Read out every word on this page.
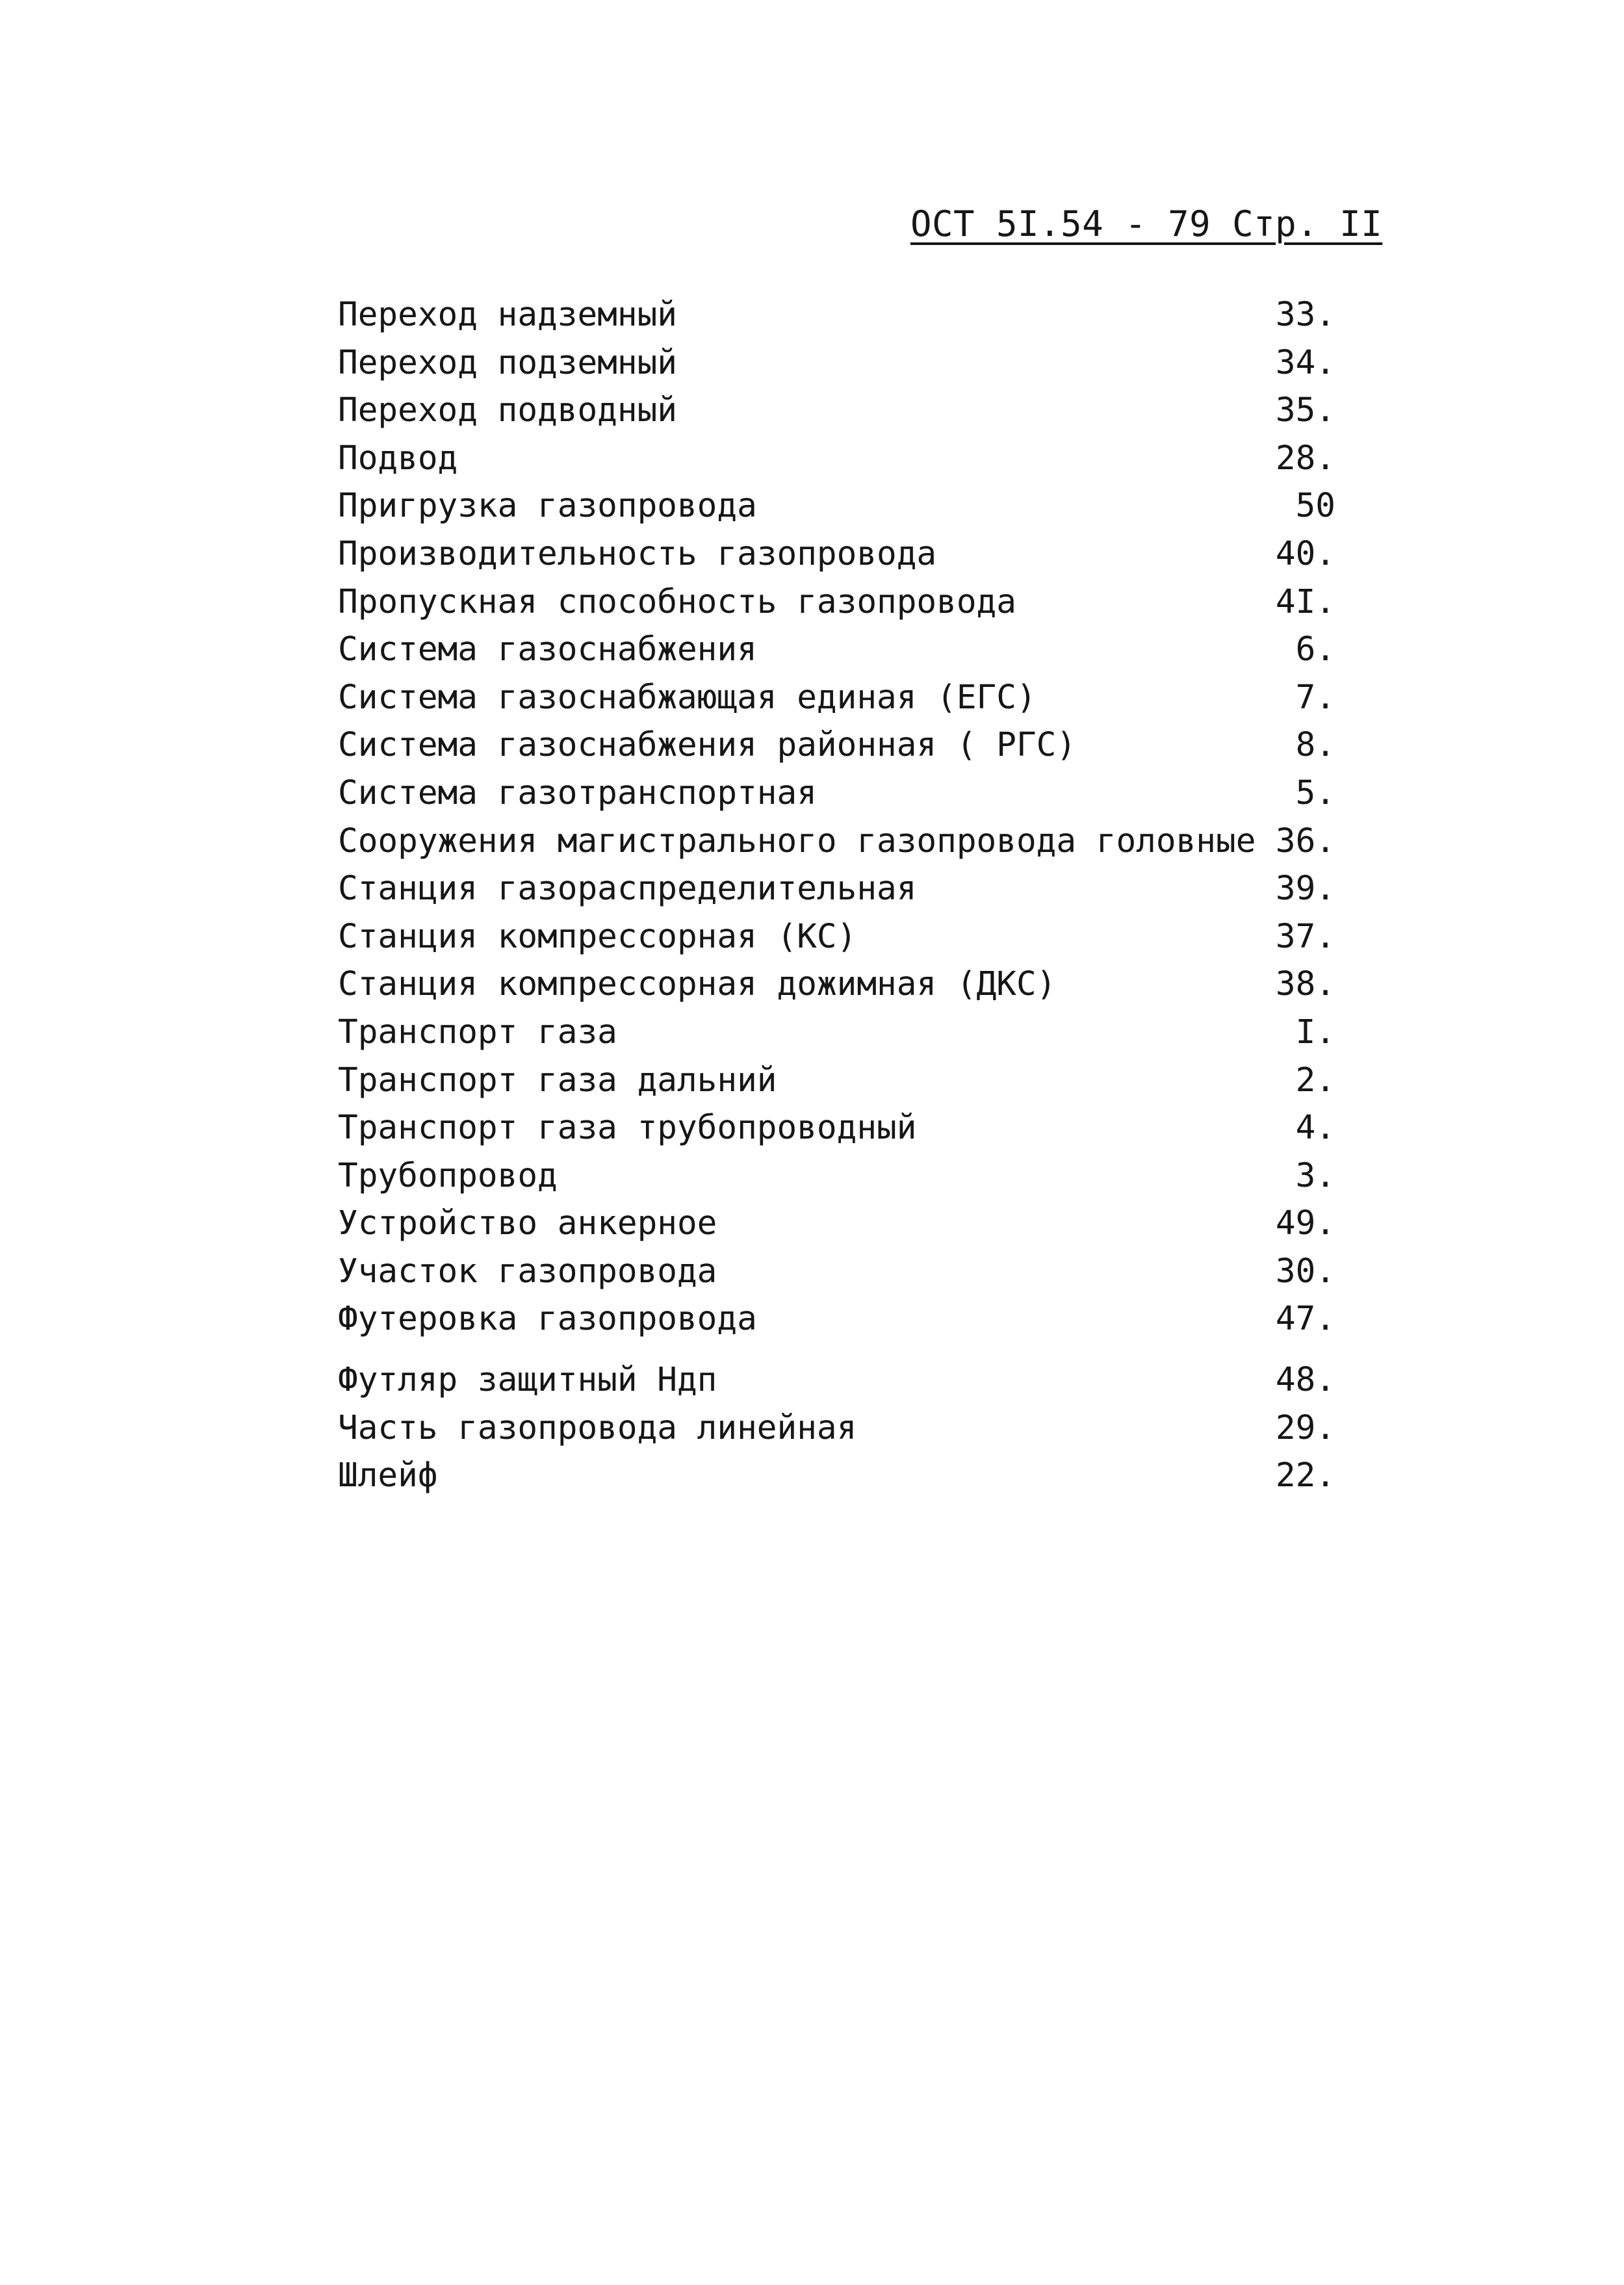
ОСТ 5I.54 - 79 Стр. II
Переход надземный	33.
Переход подземный	34.
Переход подводный	35.
Подвод	28.
Пригрузка газопровода	50
Производительность газопровода	40.
Пропускная способность газопровода	4I.
Система газоснабжения	6.
Система газоснабжающая единая (ЕГС)	7.
Система газоснабжения районная ( РГС)	8.
Система газотранспортная	5.
Сооружения магистрального газопровода головные 36.
Станция газораспределительная	39.
Станция компрессорная (КС)	37.
Станция компрессорная дожимная (ДКС)	38.
Транспорт газа	I.
Транспорт газа дальний	2.
Транспорт газа трубопроводный	4.
Трубопровод	3.
Устройство анкерное	49.
Участок газопровода	30.
Футеровка газопровода	47.
Футляр защитный Ндп	48.
Часть газопровода линейная	29.
Шлейф	22.
